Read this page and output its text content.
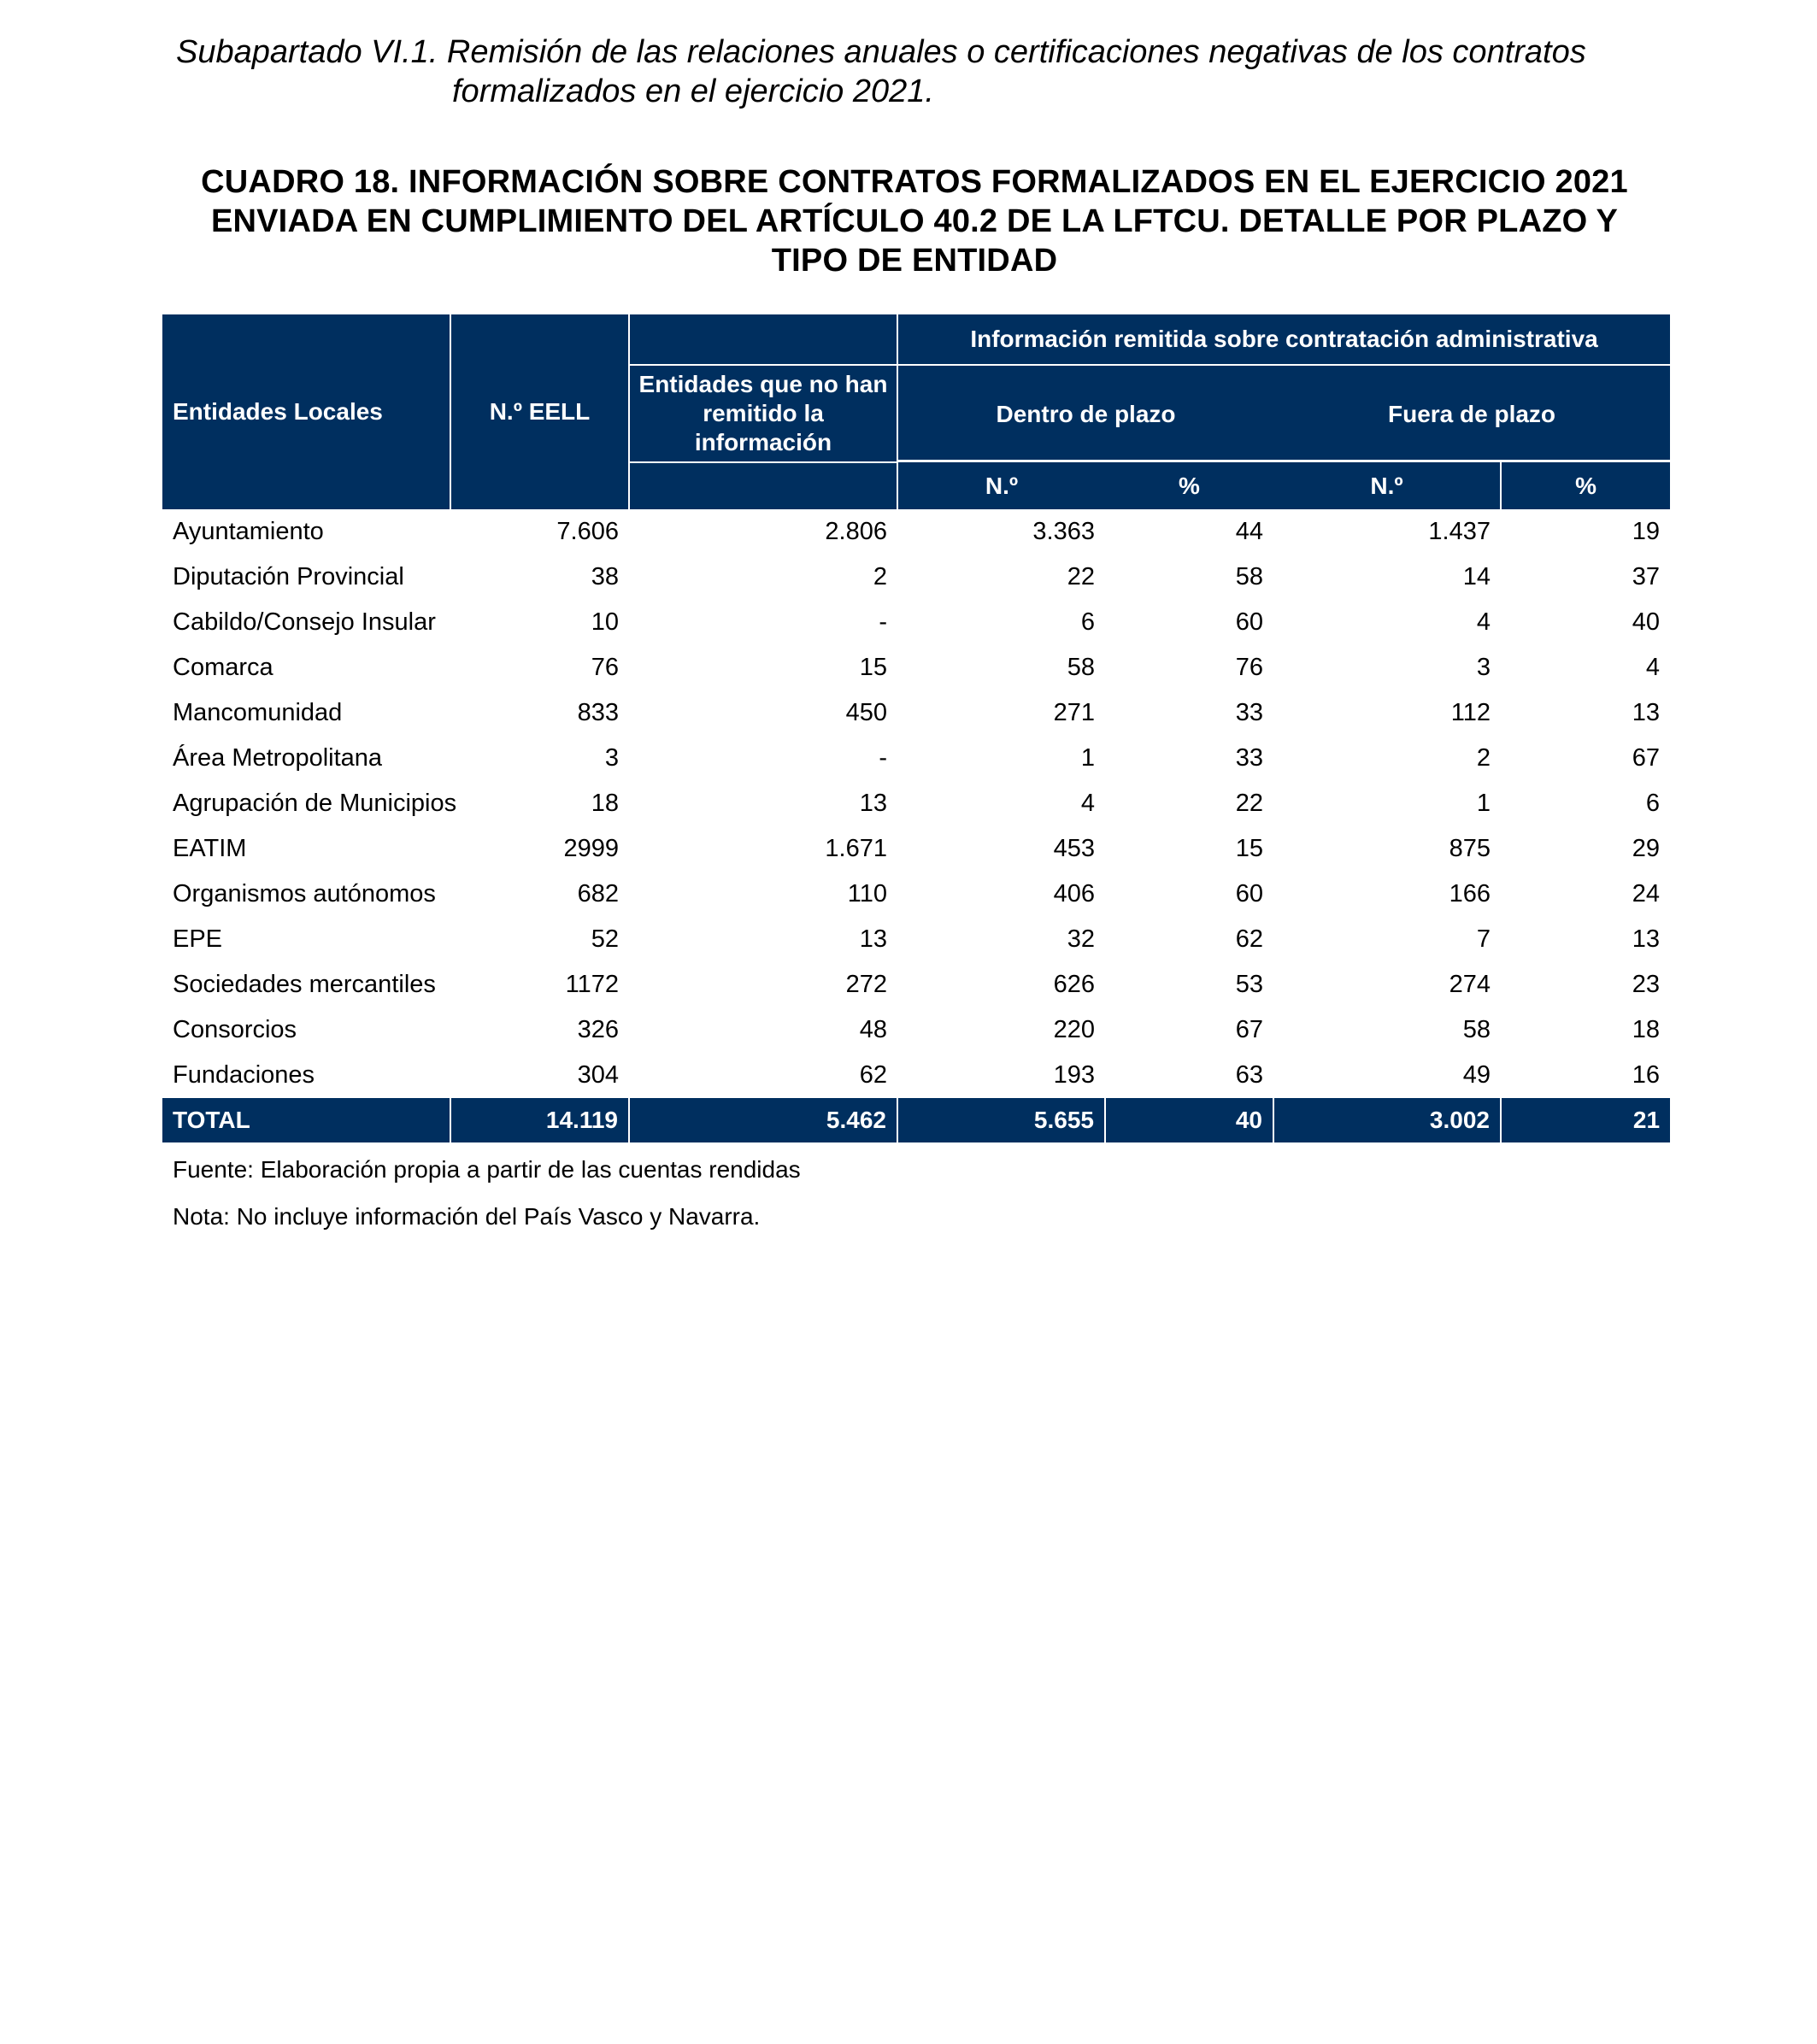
Subapartado VI.1. Remisión de las relaciones anuales o certificaciones negativas de los contratos
formalizados en el ejercicio 2021.
CUADRO 18. INFORMACIÓN SOBRE CONTRATOS FORMALIZADOS EN EL EJERCICIO 2021
ENVIADA EN CUMPLIMIENTO DEL ARTÍCULO 40.2 DE LA LFTCU. DETALLE POR PLAZO Y
TIPO DE ENTIDAD
Entidades Locales	N.º EELL		Información remitida sobre contratación administrativa			
		Entidades que no han remitido la información	Dentro de plazo		Fuera de plazo	
			N.º	%	N.º	%
Ayuntamiento	7.606	2.806	3.363	44	1.437	19
Diputación Provincial	38	2	22	58	14	37
Cabildo/Consejo Insular	10	-	6	60	4	40
Comarca	76	15	58	76	3	4
Mancomunidad	833	450	271	33	112	13
Área Metropolitana	3	-	1	33	2	67
Agrupación de Municipios	18	13	4	22	1	6
EATIM	2999	1.671	453	15	875	29
Organismos autónomos	682	110	406	60	166	24
EPE	52	13	32	62	7	13
Sociedades mercantiles	1172	272	626	53	274	23
Consorcios	326	48	220	67	58	18
Fundaciones	304	62	193	63	49	16
TOTAL	14.119	5.462	5.655	40	3.002	21
Fuente: Elaboración propia a partir de las cuentas rendidas
Nota: No incluye información del País Vasco y Navarra.
